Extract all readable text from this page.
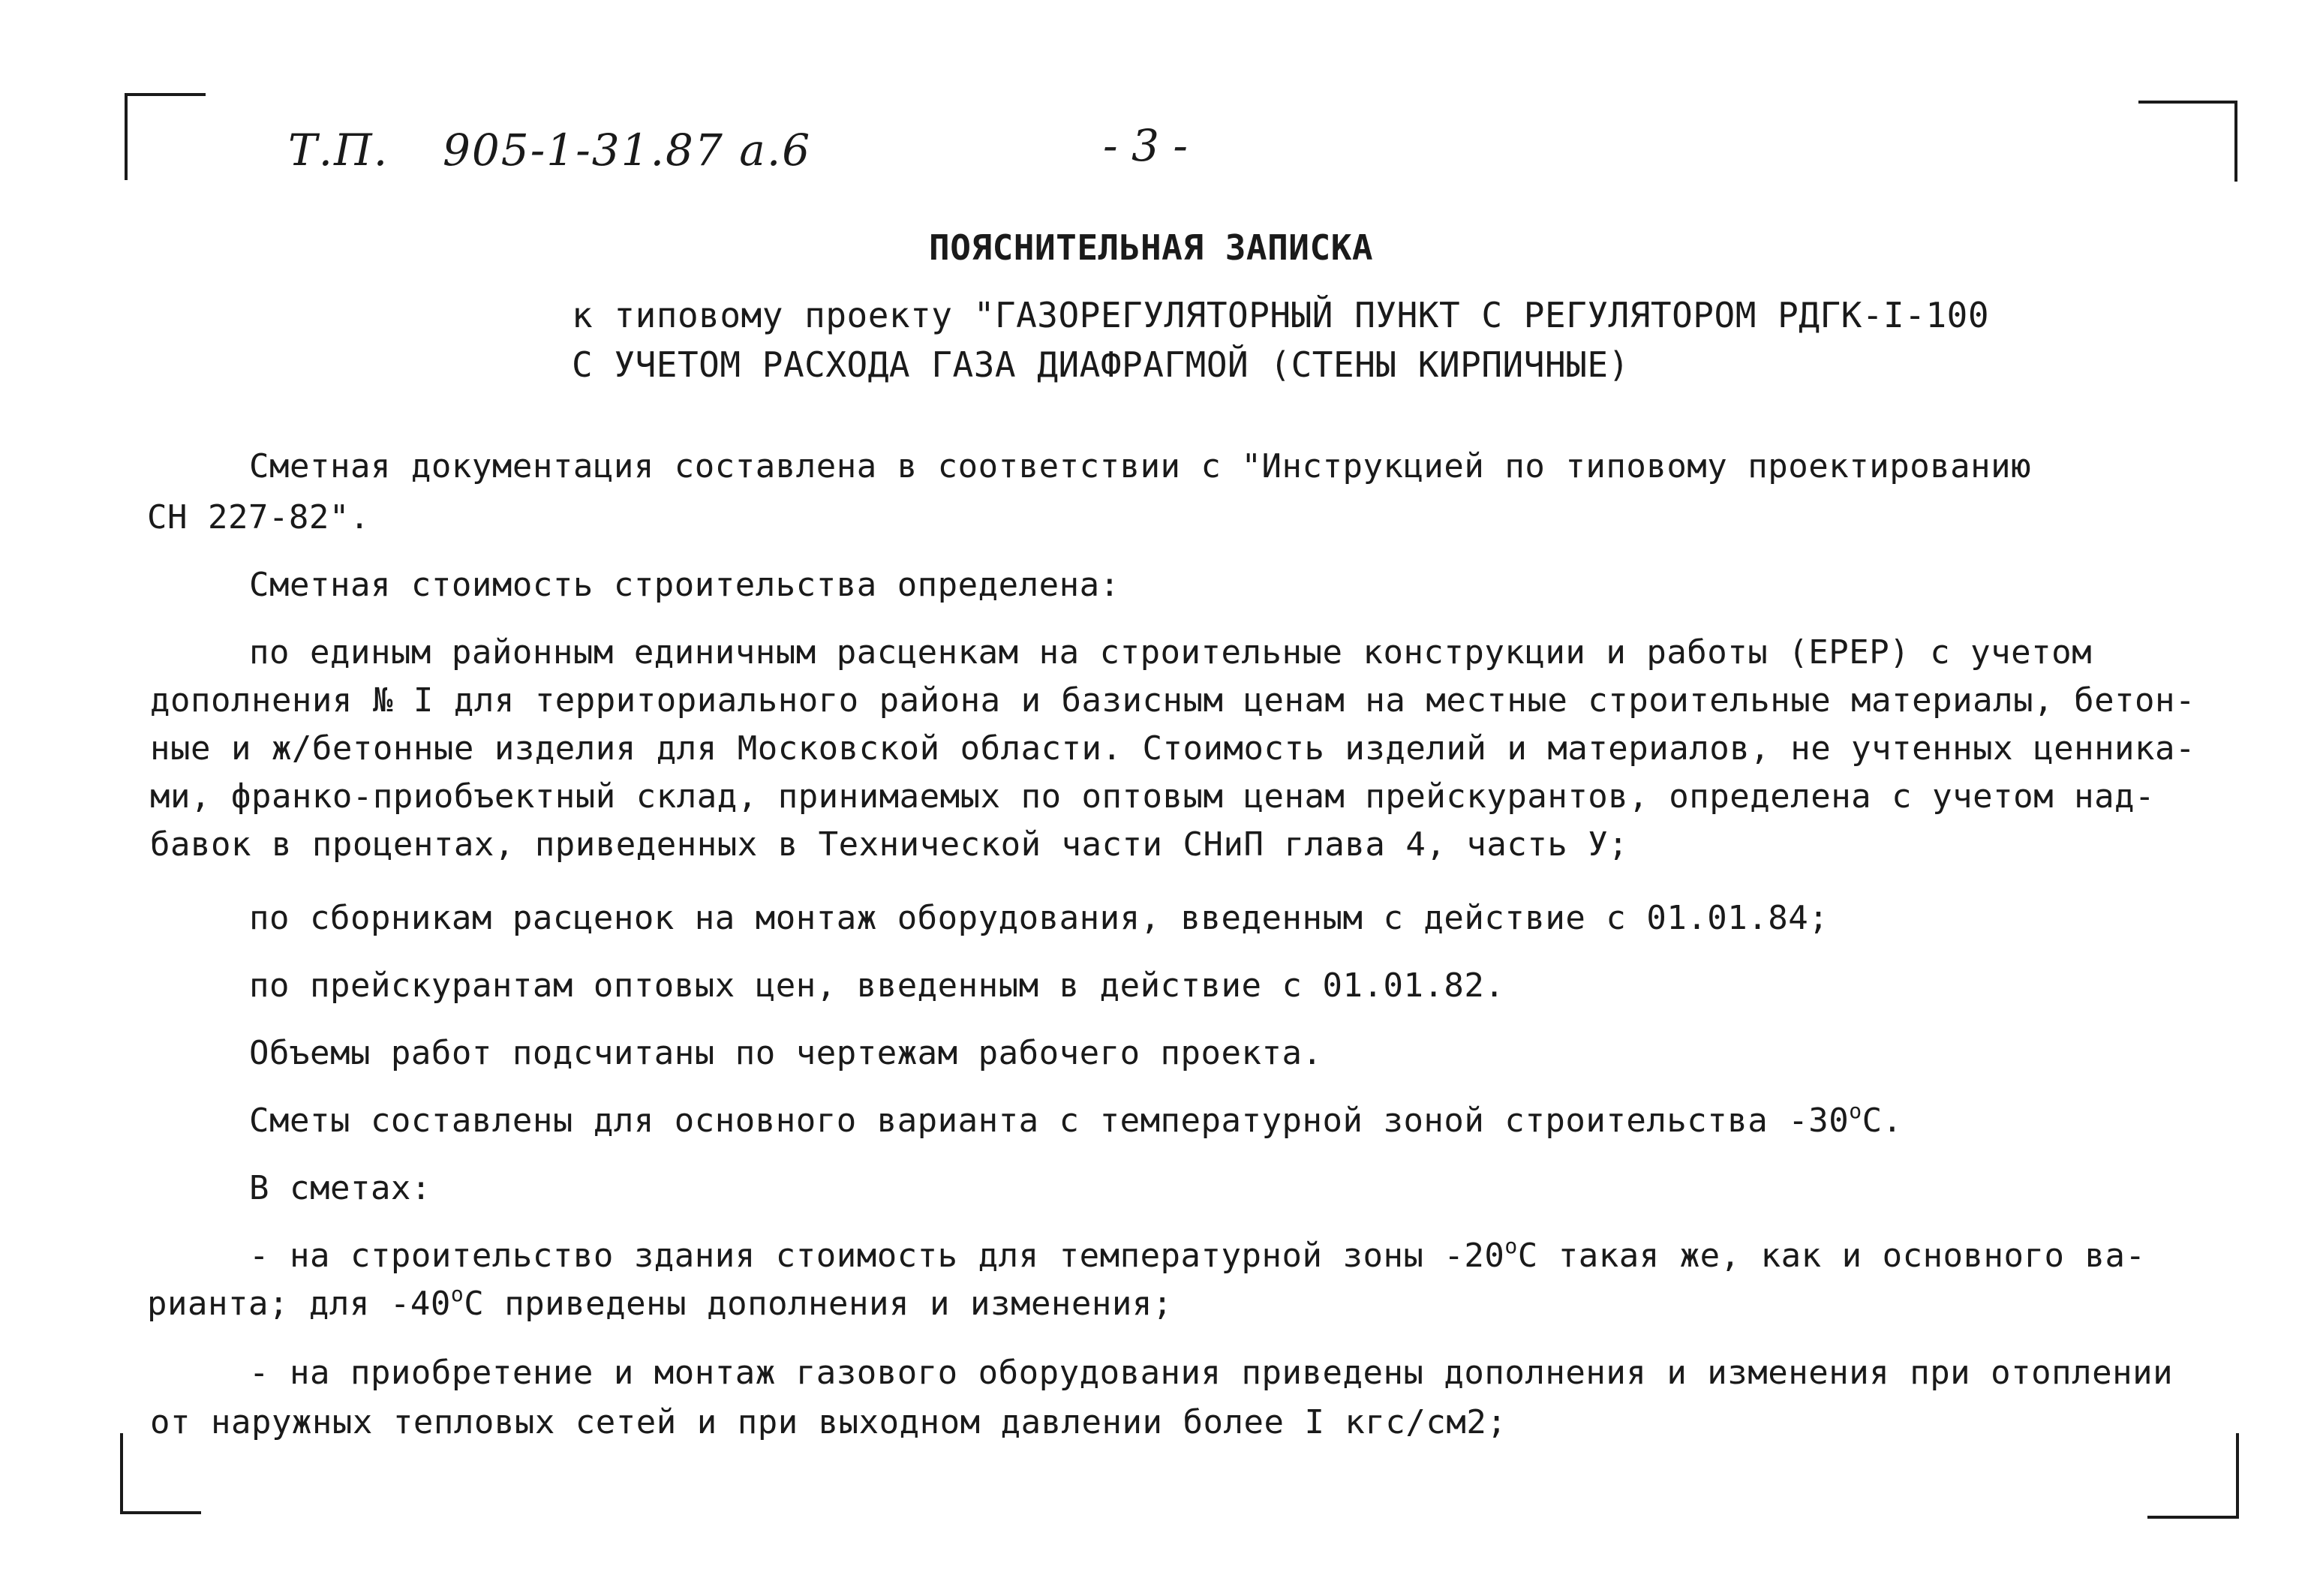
Т.П. 905-1-31.87 а.6	- 3 -
ПОЯСНИТЕЛЬНАЯ ЗАПИСКА
к типовому проекту "ГАЗОРЕГУЛЯТОРНЫЙ ПУНКТ С РЕГУЛЯТОРОМ РДГК-I-100
С УЧЕТОМ РАСХОДА ГАЗА ДИАФРАГМОЙ (СТЕНЫ КИРПИЧНЫЕ)
Сметная документация составлена в соответствии с "Инструкцией по типовому проектированию
СН 227-82".
Сметная стоимость строительства определена:
по единым районным единичным расценкам на строительные конструкции и работы (ЕРЕР) с учетом
дополнения № I для территориального района и базисным ценам на местные строительные материалы, бетон-
ные и ж/бетонные изделия для Московской области. Стоимость изделий и материалов, не учтенных ценника-
ми, франко-приобъектный склад, принимаемых по оптовым ценам прейскурантов, определена с учетом над-
бавок в процентах, приведенных в Технической части СНиП глава 4, часть У;
по сборникам расценок на монтаж оборудования, введенным с действие с 01.01.84;
по прейскурантам оптовых цен, введенным в действие с 01.01.82.
Объемы работ подсчитаны по чертежам рабочего проекта.
Сметы составлены для основного варианта с температурной зоной строительства $-30^оС$.
В сметах:
- на строительство здания стоимость для температурной зоны $-20^оС$ такая же, как и основного ва-
рианта; для $-40^оС$ приведены дополнения и изменения;
- на приобретение и монтаж газового оборудования приведены дополнения и изменения при отоплении
от наружных тепловых сетей и при выходном давлении более I кгс/см2;
